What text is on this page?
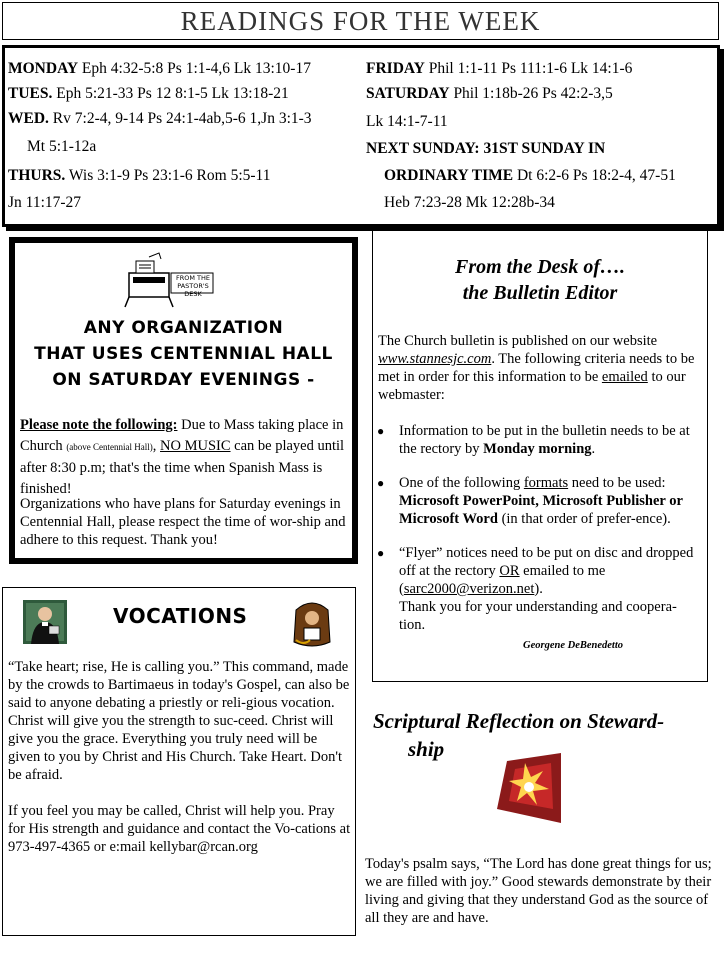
READINGS FOR THE WEEK
MONDAY Eph 4:32-5:8 Ps 1:1-4,6 Lk 13:10-17
TUES. Eph 5:21-33 Ps 12 8:1-5 Lk 13:18-21
WED. Rv 7:2-4, 9-14 Ps 24:1-4ab,5-6 1,Jn 3:1-3
Mt 5:1-12a
THURS. Wis 3:1-9 Ps 23:1-6 Rom 5:5-11
Jn 11:17-27
FRIDAY Phil 1:1-11 Ps 111:1-6 Lk 14:1-6
SATURDAY Phil 1:18b-26 Ps 42:2-3,5
Lk 14:1-7-11
NEXT SUNDAY: 31ST SUNDAY IN
ORDINARY TIME Dt 6:2-6 Ps 18:2-4, 47-51
Heb 7:23-28 Mk 12:28b-34
FROM THE PASTOR'S DESK
ANY ORGANIZATION
THAT USES CENTENNIAL HALL
ON SATURDAY EVENINGS -
Please note the following: Due to Mass taking place in Church (above Centennial Hall), NO MUSIC can be played until after 8:30 p.m; that's the time when Spanish Mass is finished!
Organizations who have plans for Saturday evenings in Centennial Hall, please respect the time of wor-ship and adhere to this request. Thank you!
From the Desk of….
the Bulletin Editor
The Church bulletin is published on our website www.stannesjc.com. The following criteria needs to be met in order for this information to be emailed to our webmaster:
● Information to be put in the bulletin needs to be at the rectory by Monday morning.
● One of the following formats need to be used: Microsoft PowerPoint, Microsoft Publisher or Microsoft Word (in that order of prefer-ence).
● “Flyer” notices need to be put on disc and dropped off at the rectory OR emailed to me (sarc2000@verizon.net).
Thank you for your understanding and coopera-tion.
Georgene DeBenedetto
VOCATIONS
“Take heart; rise, He is calling you.” This command, made by the crowds to Bartimaeus in today's Gospel, can also be said to anyone debating a priestly or reli-gious vocation. Christ will give you the strength to suc-ceed. Christ will give you the grace. Everything you truly need will be given to you by Christ and His Church. Take Heart. Don't be afraid.
If you feel you may be called, Christ will help you. Pray for His strength and guidance and contact the Vo-cations at 973-497-4365 or e:mail kellybar@rcan.org
Scriptural Reflection on Steward-
ship
Today's psalm says, “The Lord has done great things for us; we are filled with joy.” Good stewards demonstrate by their living and giving that they understand God as the source of all they are and have.
